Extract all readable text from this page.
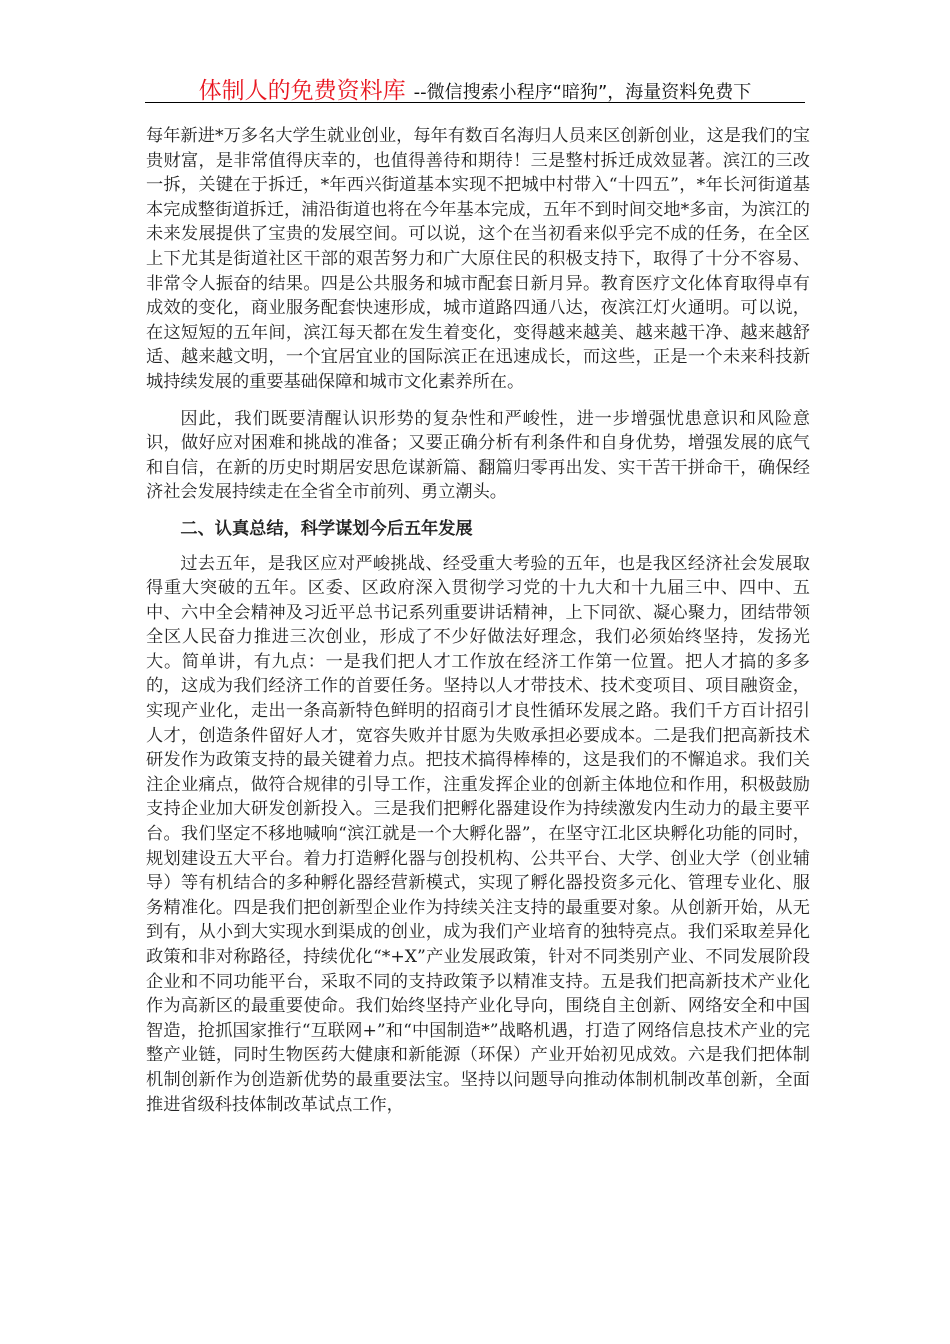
体制人的免费资料库 --微信搜索小程序“暗狗”，海量资料免费下

每年新进*万多名大学生就业创业，每年有数百名海归人员来区创新创业，这是我们的宝贵财富，是非常值得庆幸的，也值得善待和期待！三是整村拆迁成效显著。滨江的三改一拆，关键在于拆迁，*年西兴街道基本实现不把城中村带入“十四五”，*年长河街道基本完成整街道拆迁，浦沿街道也将在今年基本完成，五年不到时间交地*多亩，为滨江的未来发展提供了宝贵的发展空间。可以说，这个在当初看来似乎完不成的任务，在全区上下尤其是街道社区干部的艰苦努力和广大原住民的积极支持下，取得了十分不容易、非常令人振奋的结果。四是公共服务和城市配套日新月异。教育医疗文化体育取得卓有成效的变化，商业服务配套快速形成，城市道路四通八达，夜滨江灯火通明。可以说，在这短短的五年间，滨江每天都在发生着变化，变得越来越美、越来越干净、越来越舒适、越来越文明，一个宜居宜业的国际滨正在迅速成长，而这些，正是一个未来科技新城持续发展的重要基础保障和城市文化素养所在。

因此，我们既要清醒认识形势的复杂性和严峻性，进一步增强忧患意识和风险意识，做好应对困难和挑战的准备；又要正确分析有利条件和自身优势，增强发展的底气和自信，在新的历史时期居安思危谋新篇、翻篇归零再出发、实干苦干拼命干，确保经济社会发展持续走在全省全市前列、勇立潮头。

二、认真总结，科学谋划今后五年发展

过去五年，是我区应对严峻挑战、经受重大考验的五年，也是我区经济社会发展取得重大突破的五年。区委、区政府深入贯彻学习党的十九大和十九届三中、四中、五中、六中全会精神及习近平总书记系列重要讲话精神，上下同欲、凝心聚力，团结带领全区人民奋力推进三次创业，形成了不少好做法好理念，我们必须始终坚持，发扬光大。简单讲，有九点：一是我们把人才工作放在经济工作第一位置。把人才搞的多多的，这成为我们经济工作的首要任务。坚持以人才带技术、技术变项目、项目融资金，实现产业化，走出一条高新特色鲜明的招商引才良性循环发展之路。我们千方百计招引人才，创造条件留好人才，宽容失败并甘愿为失败承担必要成本。二是我们把高新技术研发作为政策支持的最关键着力点。把技术搞得棒棒的，这是我们的不懈追求。我们关注企业痛点，做符合规律的引导工作，注重发挥企业的创新主体地位和作用，积极鼓励支持企业加大研发创新投入。三是我们把孵化器建设作为持续激发内生动力的最主要平台。我们坚定不移地喊响“滨江就是一个大孵化器”，在坚守江北区块孵化功能的同时，规划建设五大平台。着力打造孵化器与创投机构、公共平台、大学、创业大学（创业辅导）等有机结合的多种孵化器经营新模式，实现了孵化器投资多元化、管理专业化、服务精准化。四是我们把创新型企业作为持续关注支持的最重要对象。从创新开始，从无到有，从小到大实现水到渠成的创业，成为我们产业培育的独特亮点。我们采取差异化政策和非对称路径，持续优化“*+X”产业发展政策，针对不同类别产业、不同发展阶段企业和不同功能平台，采取不同的支持政策予以精准支持。五是我们把高新技术产业化作为高新区的最重要使命。我们始终坚持产业化导向，围绕自主创新、网络安全和中国智造，抢抓国家推行“互联网+”和“中国制造*”战略机遇，打造了网络信息技术产业的完整产业链，同时生物医药大健康和新能源（环保）产业开始初见成效。六是我们把体制机制创新作为创造新优势的最重要法宝。坚持以问题导向推动体制机制改革创新，全面推进省级科技体制改革试点工作，
